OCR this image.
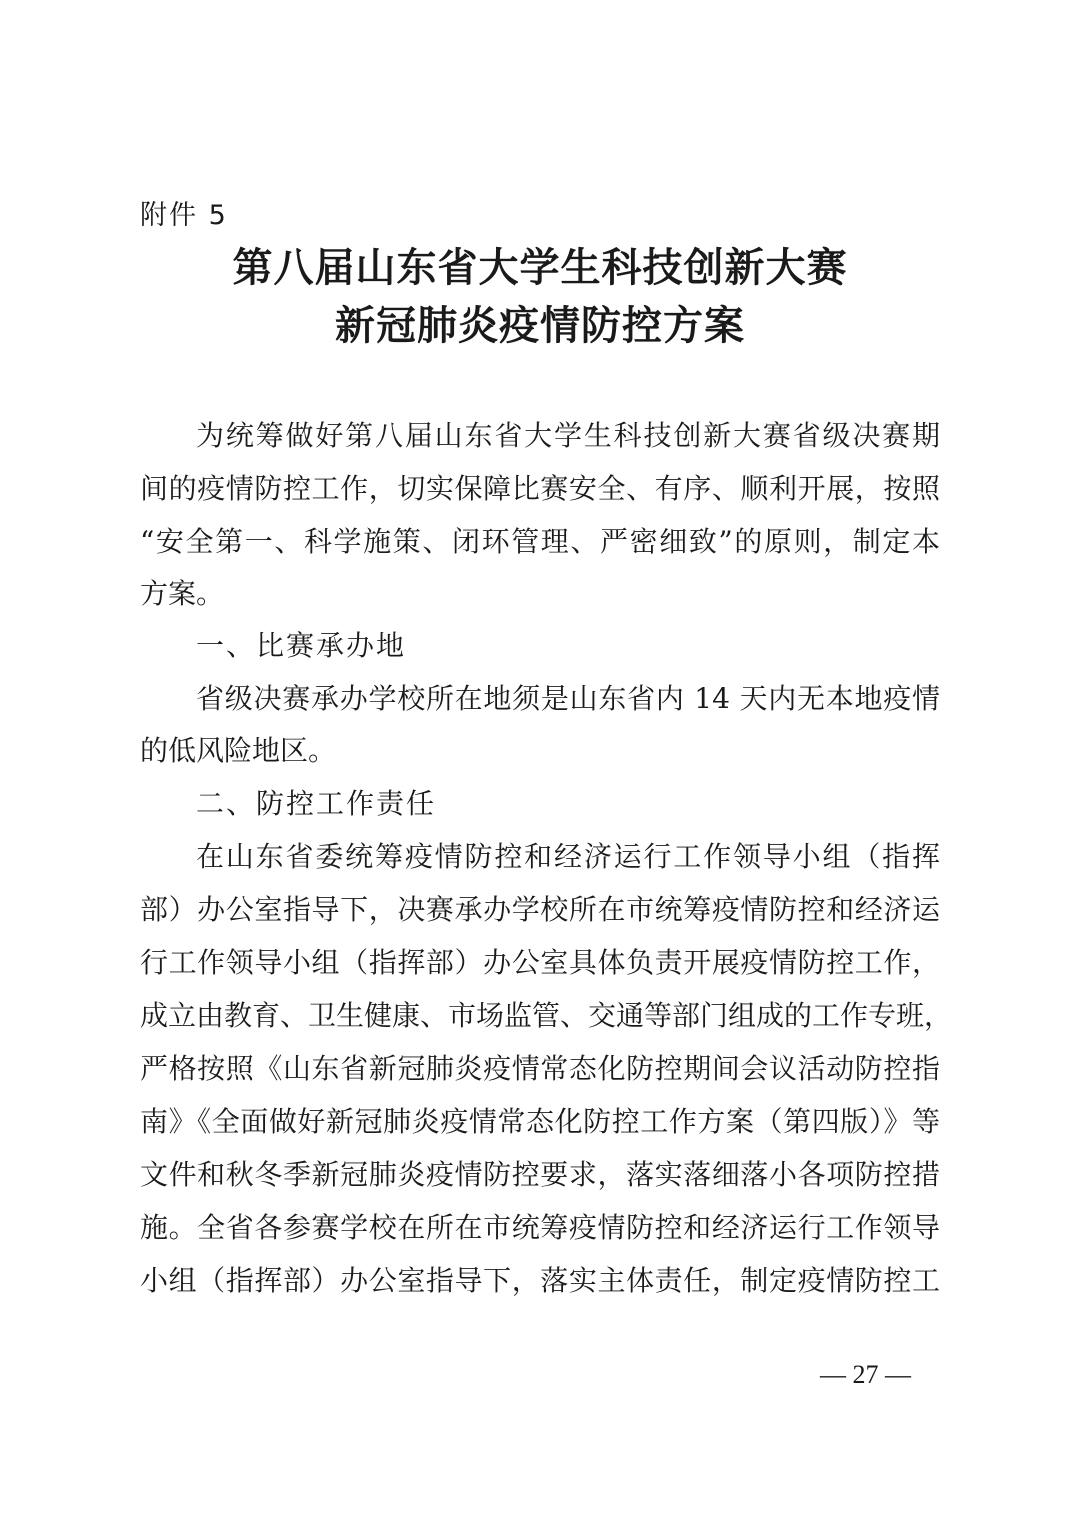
附件 5
第八届山东省大学生科技创新大赛
新冠肺炎疫情防控方案
为统筹做好第八届山东省大学生科技创新大赛省级决赛期
间的疫情防控工作，切实保障比赛安全、有序、顺利开展，按照
“安全第一、科学施策、闭环管理、严密细致”的原则，制定本
方案。
一、比赛承办地
省级决赛承办学校所在地须是山东省内 14 天内无本地疫情
的低风险地区。
二、防控工作责任
在山东省委统筹疫情防控和经济运行工作领导小组（指挥
部）办公室指导下，决赛承办学校所在市统筹疫情防控和经济运
行工作领导小组（指挥部）办公室具体负责开展疫情防控工作，
成立由教育、卫生健康、市场监管、交通等部门组成的工作专班，
严格按照《山东省新冠肺炎疫情常态化防控期间会议活动防控指
南》《全面做好新冠肺炎疫情常态化防控工作方案（第四版）》等
文件和秋冬季新冠肺炎疫情防控要求，落实落细落小各项防控措
施。全省各参赛学校在所在市统筹疫情防控和经济运行工作领导
小组（指挥部）办公室指导下，落实主体责任，制定疫情防控工
— 27 —
